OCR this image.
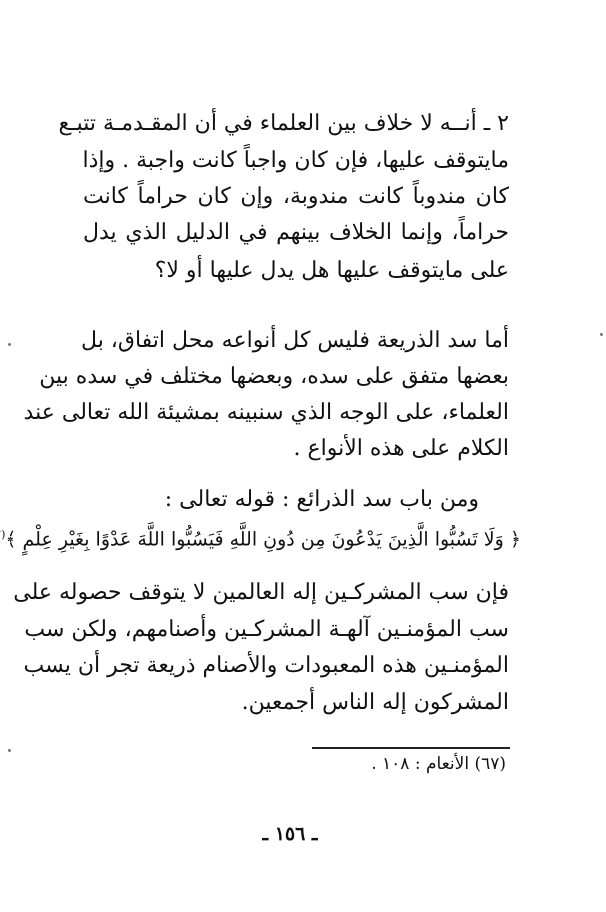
٢ ـ أنــه لا خلاف بين العلماء في أن المقـدمـة تتبـع
مايتوقف عليها، فإن كان واجباً كانت واجبة . وإذا
كان مندوباً كانت مندوبة، وإن كان حراماً كانت
حراماً، وإنما الخلاف بينهم في الدليل الذي يدل
على مايتوقف عليها هل يدل عليها أو لا؟
أما سد الذريعة فليس كل أنواعه محل اتفاق، بل
بعضها متفق على سده، وبعضها مختلف في سده بين
العلماء، على الوجه الذي سنبينه بمشيئة الله تعالى عند
الكلام على هذه الأنواع .
ومن باب سد الذرائع : قوله تعالى :
﴿ وَلَا تَسُبُّوا الَّذِينَ يَدْعُونَ مِن دُونِ اللَّهِ فَيَسُبُّوا اللَّهَ عَدْوًا بِغَيْرِ عِلْمٍ ﴾(
فإن سب المشركـين إله العالمين لا يتوقف حصوله على
سب المؤمنـين آلهـة المشركـين وأصنامهم، ولكن سب
المؤمنـين هذه المعبودات والأصنام ذريعة تجر أن يسب
المشركون إله الناس أجمعين.
(٦٧) الأنعام : ١٠٨ .
ـ ١٥٦ ـ
